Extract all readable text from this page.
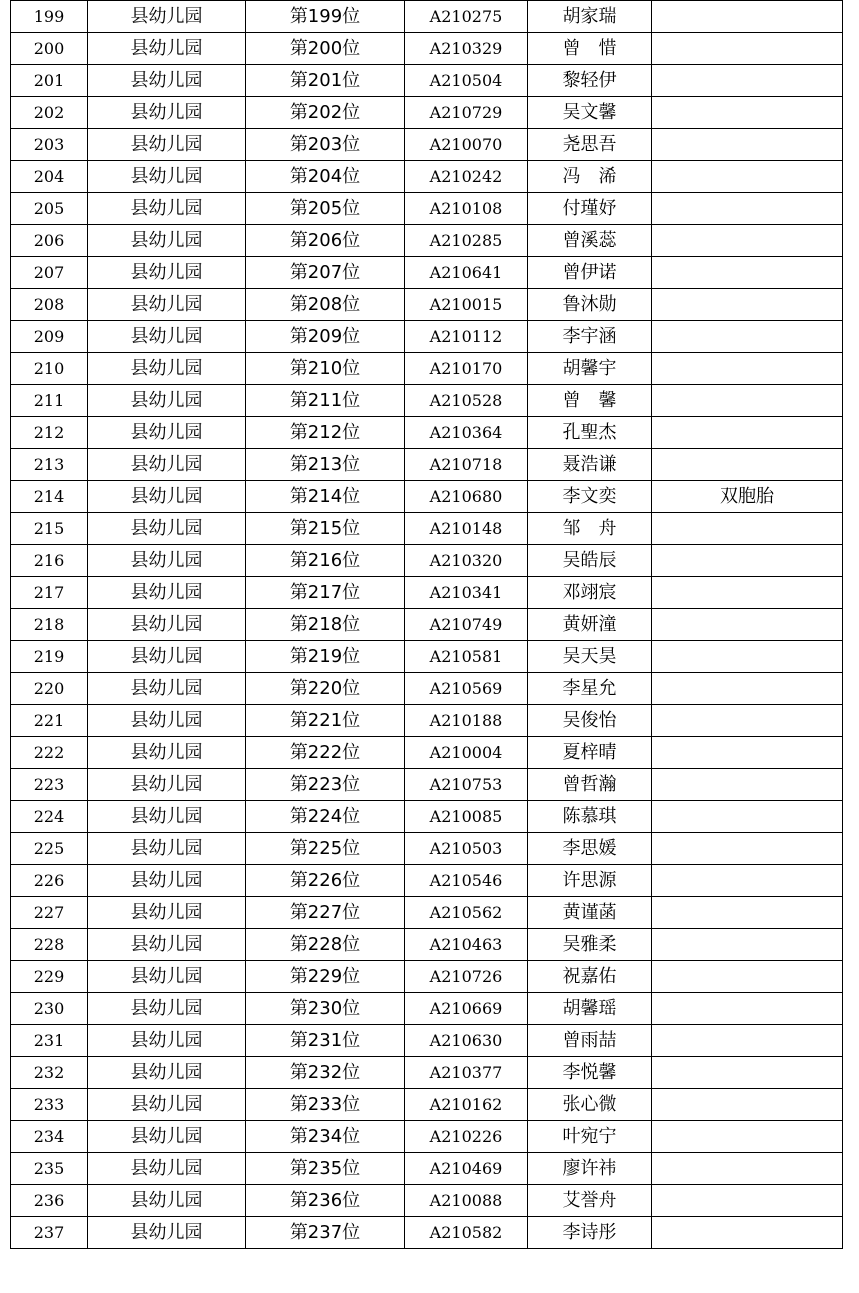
199	县幼儿园	第199位	A210275	胡家瑞	
200	县幼儿园	第200位	A210329	曾　惜	
201	县幼儿园	第201位	A210504	黎轻伊	
202	县幼儿园	第202位	A210729	吴文馨	
203	县幼儿园	第203位	A210070	尧思吾	
204	县幼儿园	第204位	A210242	冯　浠	
205	县幼儿园	第205位	A210108	付瑾妤	
206	县幼儿园	第206位	A210285	曾溪蕊	
207	县幼儿园	第207位	A210641	曾伊诺	
208	县幼儿园	第208位	A210015	鲁沐勋	
209	县幼儿园	第209位	A210112	李宇涵	
210	县幼儿园	第210位	A210170	胡馨宇	
211	县幼儿园	第211位	A210528	曾　馨	
212	县幼儿园	第212位	A210364	孔聖杰	
213	县幼儿园	第213位	A210718	聂浩谦	
214	县幼儿园	第214位	A210680	李文奕	双胞胎
215	县幼儿园	第215位	A210148	邹　舟	
216	县幼儿园	第216位	A210320	吴皓辰	
217	县幼儿园	第217位	A210341	邓翊宸	
218	县幼儿园	第218位	A210749	黄妍潼	
219	县幼儿园	第219位	A210581	吴天昊	
220	县幼儿园	第220位	A210569	李星允	
221	县幼儿园	第221位	A210188	吴俊怡	
222	县幼儿园	第222位	A210004	夏梓晴	
223	县幼儿园	第223位	A210753	曾哲瀚	
224	县幼儿园	第224位	A210085	陈慕琪	
225	县幼儿园	第225位	A210503	李思媛	
226	县幼儿园	第226位	A210546	许思源	
227	县幼儿园	第227位	A210562	黄谨菡	
228	县幼儿园	第228位	A210463	吴雅柔	
229	县幼儿园	第229位	A210726	祝嘉佑	
230	县幼儿园	第230位	A210669	胡馨瑶	
231	县幼儿园	第231位	A210630	曾雨喆	
232	县幼儿园	第232位	A210377	李悦馨	
233	县幼儿园	第233位	A210162	张心微	
234	县幼儿园	第234位	A210226	叶宛宁	
235	县幼儿园	第235位	A210469	廖许祎	
236	县幼儿园	第236位	A210088	艾誉舟	
237	县幼儿园	第237位	A210582	李诗彤	
